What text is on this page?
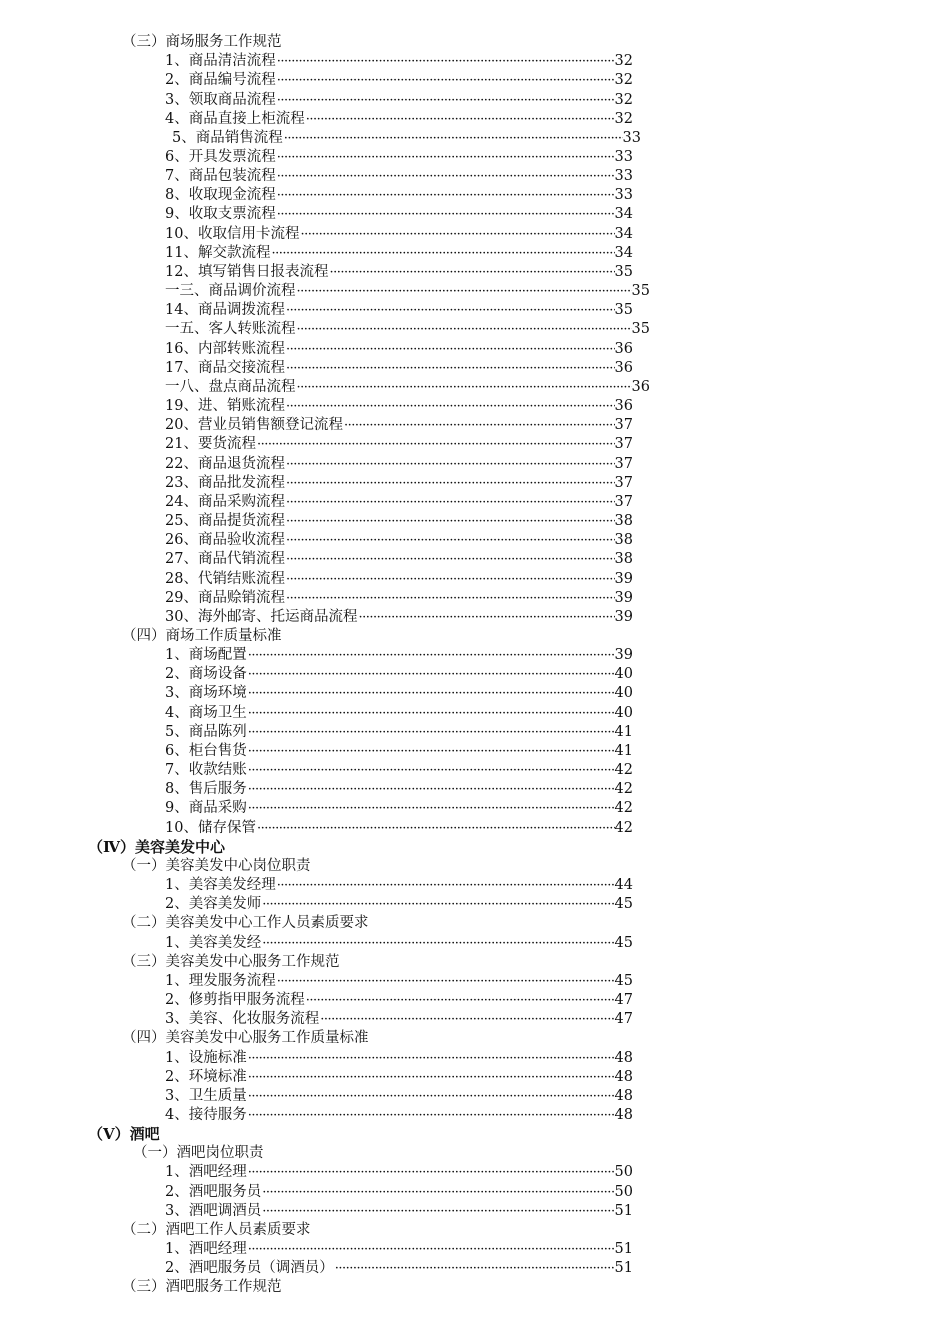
（三）商场服务工作规范
1、商品清洁流程 ·····	32
2、商品编号流程 ·····	32
3、领取商品流程 ·····	32
4、商品直接上柜流程 ·····	32
5、商品销售流程 ·····	33
6、开具发票流程 ·····	33
7、商品包装流程 ·····	33
8、收取现金流程 ·····	33
9、收取支票流程 ·····	34
10、收取信用卡流程 ·····	34
11、解交款流程 ·····	34
12、填写销售日报表流程 ·····	35
一三、商品调价流程 ·····	35
14、商品调拨流程 ·····	35
一五、客人转账流程 ·····	35
16、内部转账流程 ·····	36
17、商品交接流程 ·····	36
一八、盘点商品流程 ·····	36
19、进、销账流程 ·····	36
20、营业员销售额登记流程 ·····	37
21、要货流程 ·····	37
22、商品退货流程 ·····	37
23、商品批发流程 ·····	37
24、商品采购流程 ·····	37
25、商品提货流程 ·····	38
26、商品验收流程 ·····	38
27、商品代销流程 ·····	38
28、代销结账流程 ·····	39
29、商品赊销流程 ·····	39
30、海外邮寄、托运商品流程 ·····	39
（四）商场工作质量标准
1、商场配置 ·····	39
2、商场设备 ·····	40
3、商场环境 ·····	40
4、商场卫生 ·····	40
5、商品陈列 ·····	41
6、柜台售货 ·····	41
7、收款结账 ·····	42
8、售后服务 ·····	42
9、商品采购 ·····	42
10、储存保管 ·····	42
（Ⅳ）美容美发中心
（一）美容美发中心岗位职责
1、美容美发经理 ·····	44
2、美容美发师 ·····	45
（二）美容美发中心工作人员素质要求
1、美容美发经 ·····	45
（三）美容美发中心服务工作规范
1、理发服务流程 ·····	45
2、修剪指甲服务流程 ·····	47
3、美容、化妆服务流程 ·····	47
（四）美容美发中心服务工作质量标准
1、设施标准 ·····	48
2、环境标准 ·····	48
3、卫生质量 ·····	48
4、接待服务 ·····	48
（Ⅴ）酒吧
（一）酒吧岗位职责
1、酒吧经理 ·····	50
2、酒吧服务员 ·····	50
3、酒吧调酒员 ·····	51
（二）酒吧工作人员素质要求
1、酒吧经理 ·····	51
2、酒吧服务员（调酒员） ·····	51
（三）酒吧服务工作规范
